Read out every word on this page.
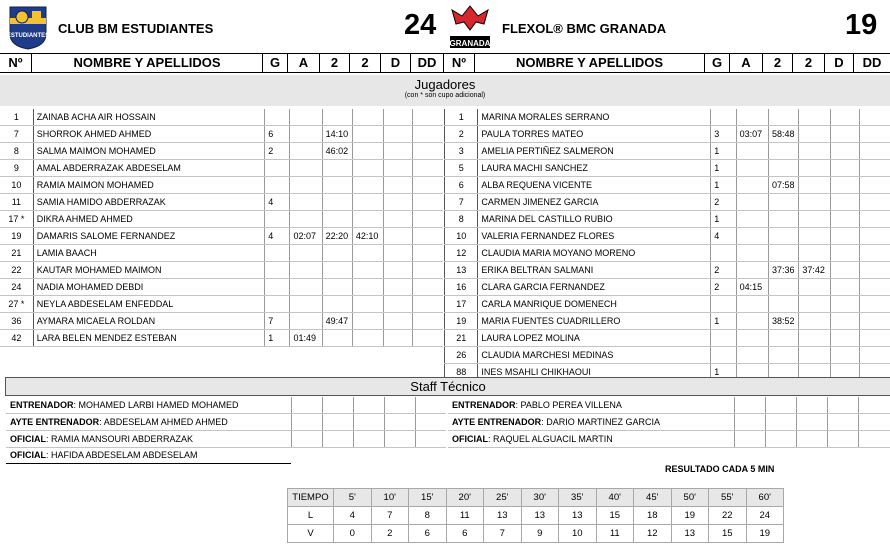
ESTUDIANTES CLUB BM ESTUDIANTES	24
GRANADA
FLEXOL® BMC GRANADA	19
Nº	NOMBRE Y APELLIDOS	G	A	2	2	D	DD	Nº	NOMBRE Y APELLIDOS	G	A	2	2	D	DD
Jugadores
(con * son cupo adicional)
1	ZAINAB ACHA AIR HOSSAIN						
7	SHORROK AHMED AHMED	6		14:10			
8	SALMA MAIMON MOHAMED	2		46:02			
9	AMAL ABDERRAZAK ABDESELAM						
10	RAMIA MAIMON MOHAMED						
11	SAMIA HAMIDO ABDERRAZAK	4					
17 *	DIKRA AHMED AHMED						
19	DAMARIS SALOME FERNANDEZ	4	02:07	22:20	42:10		
21	LAMIA BAACH						
22	KAUTAR MOHAMED MAIMON						
24	NADIA MOHAMED DEBDI						
27 *	NEYLA ABDESELAM ENFEDDAL						
36	AYMARA MICAELA ROLDAN	7		49:47			
42	LARA BELEN MENDEZ ESTEBAN	1	01:49				
1	MARINA MORALES SERRANO						
2	PAULA TORRES MATEO	3	03:07	58:48			
3	AMELIA PERTIÑEZ SALMERON	1					
5	LAURA MACHI SANCHEZ	1					
6	ALBA REQUENA VICENTE	1		07:58			
7	CARMEN JIMENEZ GARCIA	2					
8	MARINA DEL CASTILLO RUBIO	1					
10	VALERIA FERNANDEZ FLORES	4					
12	CLAUDIA MARIA MOYANO MORENO						
13	ERIKA BELTRAN SALMANI	2		37:36	37:42		
16	CLARA GARCIA FERNANDEZ	2	04:15				
17	CARLA MANRIQUE DOMENECH						
19	MARIA FUENTES CUADRILLERO	1		38:52			
21	LAURA LOPEZ MOLINA						
26	CLAUDIA MARCHESI MEDINAS						
88	INES MSAHLI CHIKHAOUI	1					
Staff Técnico
ENTRENADOR: MOHAMED LARBI HAMED MOHAMED					
AYTE ENTRENADOR: ABDESELAM AHMED AHMED					
OFICIAL: RAMIA MANSOURI ABDERRAZAK					
OFICIAL: HAFIDA ABDESELAM ABDESELAM					
ENTRENADOR: PABLO PEREA VILLENA					
AYTE ENTRENADOR: DARIO MARTINEZ GARCIA					
OFICIAL: RAQUEL ALGUACIL MARTIN					
RESULTADO CADA 5 MIN
TIEMPO	5'	10'	15'	20'	25'	30'	35'	40'	45'	50'	55'	60'
L	4	7	8	11	13	13	13	15	18	19	22	24
V	0	2	6	6	7	9	10	11	12	13	15	19
